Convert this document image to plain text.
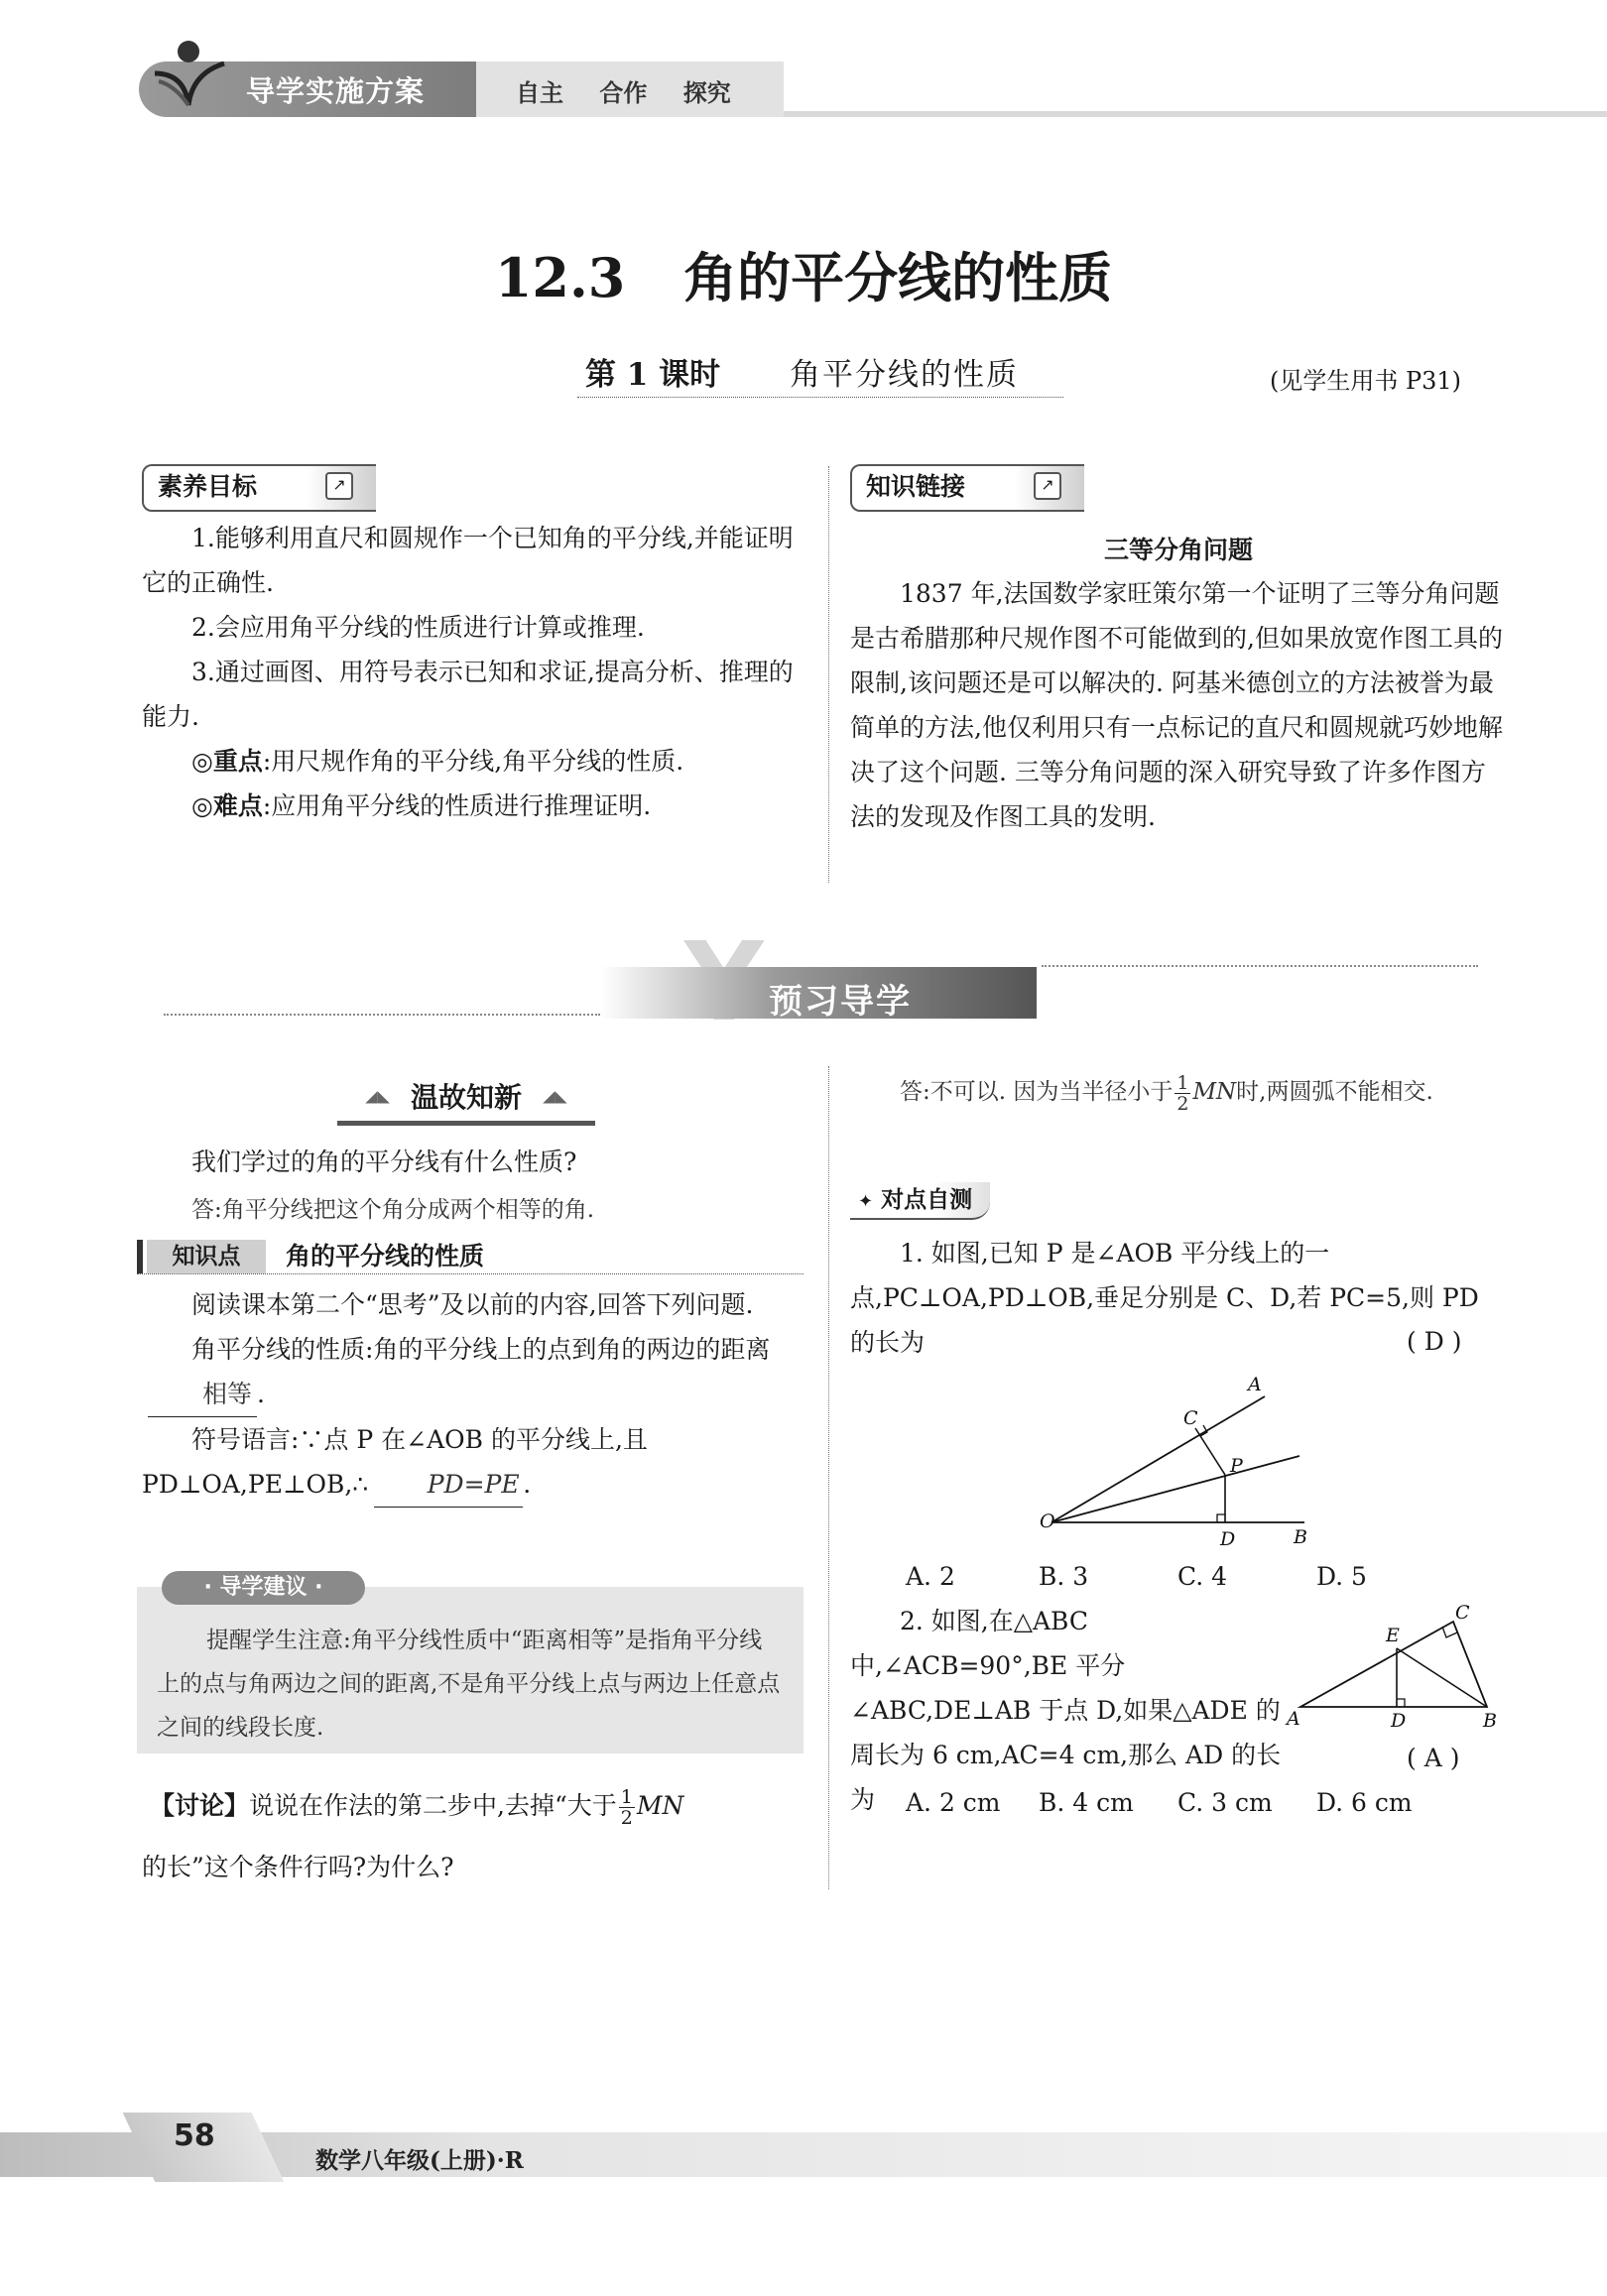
导学实施方案	自主 合作 探究
12.3 角的平分线的性质
第 1 课时 角平分线的性质	(见学生用书 P31)
素养目标	↗

1.能够利用直尺和圆规作一个已知角的平分线,并能证明它的正确性.

2.会应用角平分线的性质进行计算或推理.

3.通过画图、用符号表示已知和求证,提高分析、推理的能力.

◎重点:用尺规作角的平分线,角平分线的性质.

◎难点:应用角平分线的性质进行推理证明.

知识链接	↗
三等分角问题

1837 年,法国数学家旺策尔第一个证明了三等分角问题是古希腊那种尺规作图不可能做到的,但如果放宽作图工具的限制,该问题还是可以解决的. 阿基米德创立的方法被誉为最简单的方法,他仅利用只有一点标记的直尺和圆规就巧妙地解决了这个问题. 三等分角问题的深入研究导致了许多作图方法的发现及作图工具的发明.

预习导学
◢◣ 温故知新 ◢◣

我们学过的角的平分线有什么性质?

答:角平分线把这个角分成两个相等的角.

知识点	角的平分线的性质

阅读课本第二个“思考”及以前的内容,回答下列问题.

角平分线的性质:角的平分线上的点到角的两边的距离相等 .

符号语言:∵点 P 在∠AOB 的平分线上,且 PD⊥OA,PE⊥OB,∴ PD=PE .

· 导学建议 ·

提醒学生注意:角平分线性质中“距离相等”是指角平分线上的点与角两边之间的距离,不是角平分线上点与两边上任意点之间的线段长度.

【讨论】说说在作法的第二步中,去掉“大于 $\frac{1}{2}$ MN
的长”这个条件行吗?为什么?
答:不可以. 因为当半径小于 $\frac{1}{2}$ MN时,两圆弧不能相交.
✦ 对点自测

1. 如图,已知 P 是∠AOB 平分线上的一点,PC⊥OA,PD⊥OB,垂足分别是 C、D,若 PC=5,则 PD 的长为	( D )
A
C
P
O
D	B
A. 2	B. 3	C. 4	D. 5

2. 如图,在△ABC 中,∠ACB=90°,BE 平分∠ABC,DE⊥AB 于点 D,如果△ADE 的周长为 6 cm,AC=4 cm,那么 AD 的长为

( A )
C
E
A	D	B
A. 2 cm B. 4 cm C. 3 cm D. 6 cm
58
数学八年级(上册)·R
